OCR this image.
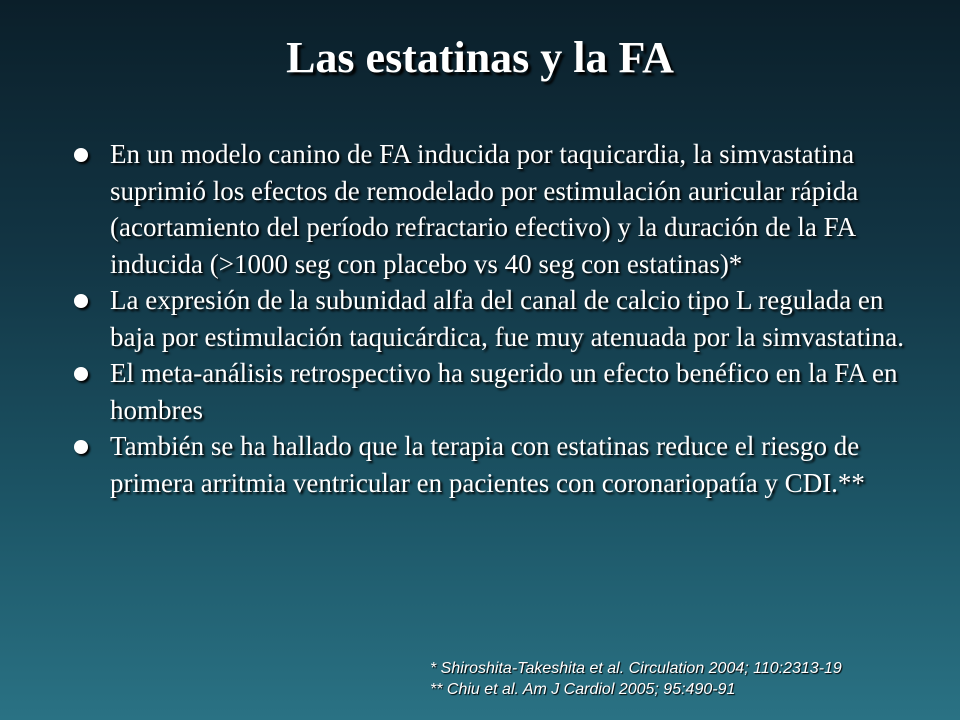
Las estatinas y la FA
En un modelo canino de FA inducida por taquicardia, la simvastatina suprimió los efectos de remodelado por estimulación auricular rápida (acortamiento del período refractario efectivo) y la duración de la FA inducida (>1000 seg con placebo vs 40 seg con estatinas)*
La expresión de la subunidad alfa del canal de calcio tipo L regulada en baja por estimulación taquicárdica, fue muy atenuada por la simvastatina.
El meta-análisis retrospectivo ha sugerido un efecto benéfico en la FA en hombres
También se ha hallado que la terapia con estatinas reduce el riesgo de primera arritmia ventricular en pacientes con coronariopatía y CDI.**
* Shiroshita-Takeshita et al. Circulation 2004; 110:2313-19
** Chiu et al. Am J Cardiol 2005; 95:490-91
